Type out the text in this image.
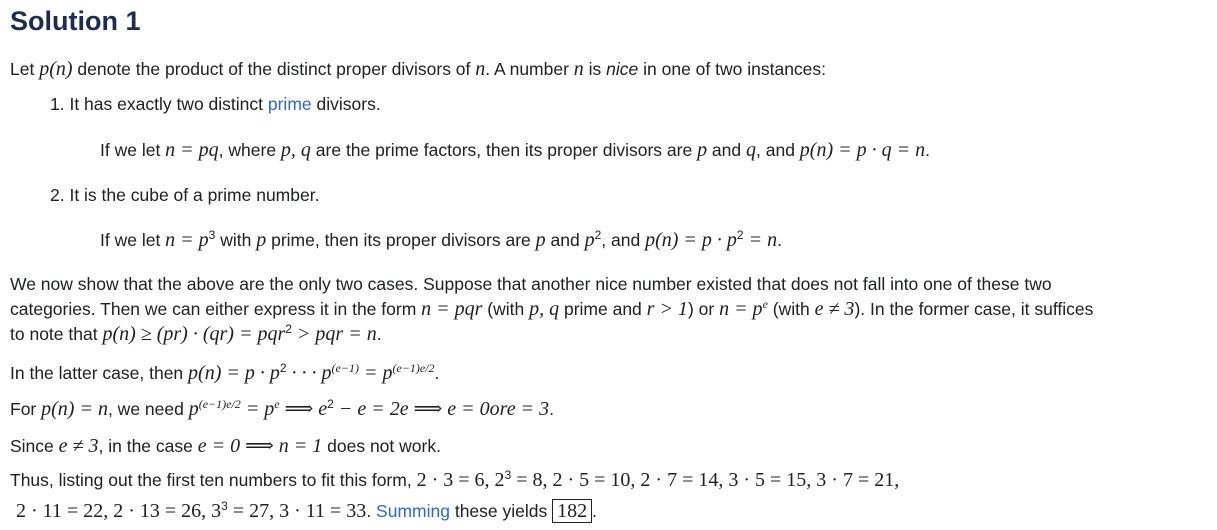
Solution 1
Let p(n) denote the product of the distinct proper divisors of n. A number n is nice in one of two instances:
1. It has exactly two distinct prime divisors.
If we let n = pq, where p, q are the prime factors, then its proper divisors are p and q, and p(n) = p · q = n.
2. It is the cube of a prime number.
If we let $n = p^3$ with p prime, then its proper divisors are p and $p^2$, and $p(n) = p \cdot p^2 = n$.
We now show that the above are the only two cases. Suppose that another nice number existed that does not fall into one of these two
categories. Then we can either express it in the form n = pqr (with p, q prime and r > 1) or $n = p^e$ (with e ≠ 3). In the former case, it suffices
to note that p(n) ≥ (pr) · (qr) = pqr$^2$ > pqr = n.
In the latter case, then $p(n) = p \cdot p^2$ · · · $p^{(e-1)} = p^{(e-1)e/2}$.
For p(n) = n, we need $p^{(e-1)e/2} = p^e$ ⟹ $e^2 - e = 2e$ ⟹ e = 0ore = 3.
Since e ≠ 3, in the case e = 0 ⟹ n = 1 does not work.
Thus, listing out the first ten numbers to fit this form, 2 · 3 = 6, $2^3 = 8$, 2 · 5 = 10, 2 · 7 = 14, 3 · 5 = 15, 3 · 7 = 21,
2 · 11 = 22, 2 · 13 = 26, $3^3 = 27$, 3 · 11 = 33. Summing these yields 182 .
